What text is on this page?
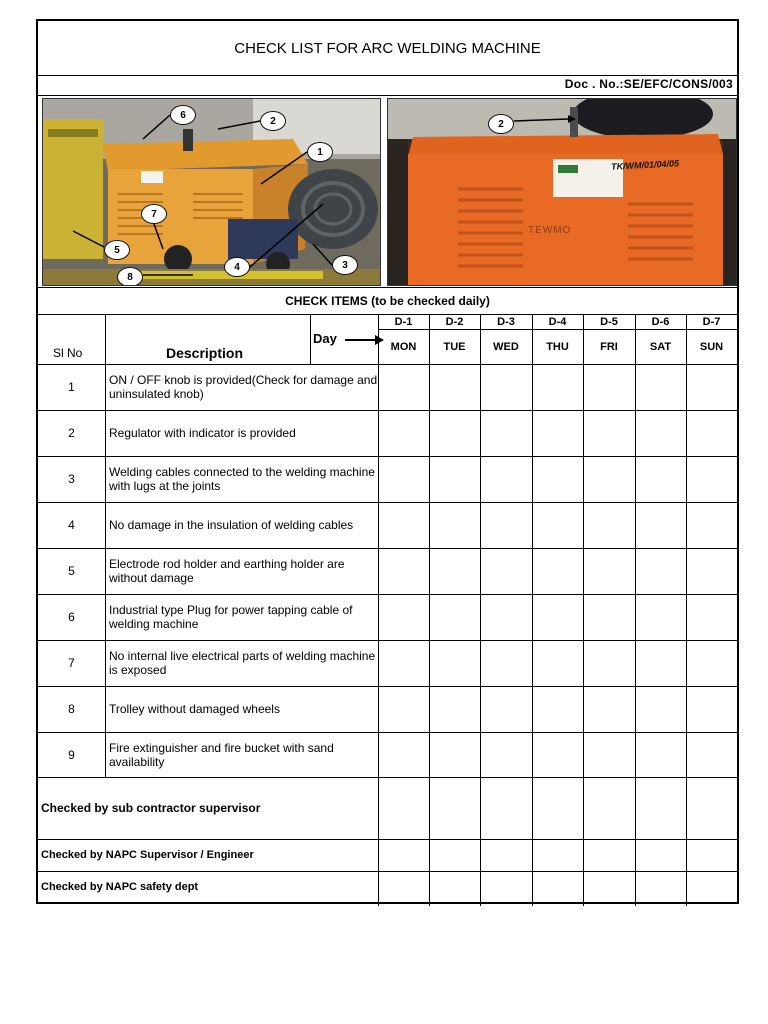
CHECK LIST FOR ARC WELDING MACHINE
Doc . No.:SE/EFC/CONS/003
6
2
1
7
5
8
4	3
TK/WM/01/04/05
TEWMO
2
CHECK ITEMS (to be checked daily)
Sl No	Description
Day
D-1	D-2	D-3	D-4	D-5	D-6	D-7
MON	TUE	WED	THU	FRI	SAT	SUN
1	ON / OFF knob is provided(Check for damage and uninsulated knob)
2	Regulator with indicator is provided
3	Welding cables connected to the welding machine with lugs at the joints
4	No damage in the insulation of welding cables
5	Electrode rod holder and earthing holder are without damage
6	Industrial type Plug for power tapping cable of welding machine
7	No internal live electrical parts of welding machine is exposed
8	Trolley without damaged wheels
9	Fire extinguisher and fire bucket with sand availability
Checked by sub contractor supervisor
Checked by NAPC Supervisor / Engineer
Checked by NAPC safety dept
